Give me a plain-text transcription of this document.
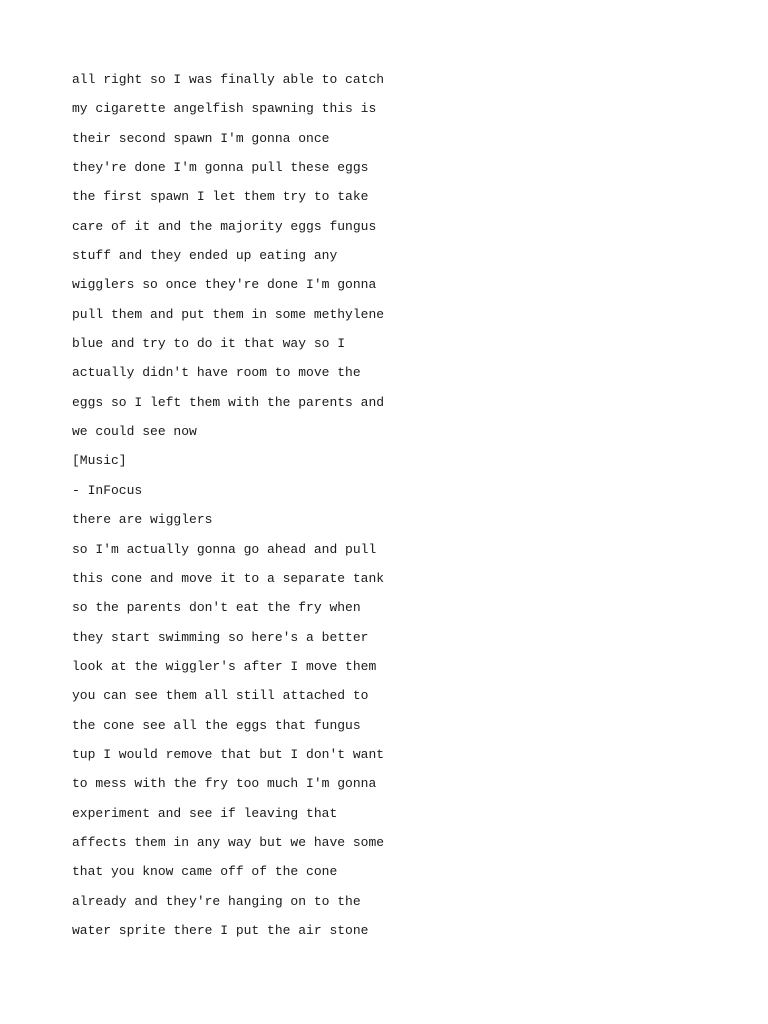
all right so I was finally able to catch
my cigarette angelfish spawning this is
their second spawn I'm gonna once
they're done I'm gonna pull these eggs
the first spawn I let them try to take
care of it and the majority eggs fungus
stuff and they ended up eating any
wigglers so once they're done I'm gonna
pull them and put them in some methylene
blue and try to do it that way so I
actually didn't have room to move the
eggs so I left them with the parents and
we could see now
[Music]
- InFocus
there are wigglers
so I'm actually gonna go ahead and pull
this cone and move it to a separate tank
so the parents don't eat the fry when
they start swimming so here's a better
look at the wiggler's after I move them
you can see them all still attached to
the cone see all the eggs that fungus
tup I would remove that but I don't want
to mess with the fry too much I'm gonna
experiment and see if leaving that
affects them in any way but we have some
that you know came off of the cone
already and they're hanging on to the
water sprite there I put the air stone
